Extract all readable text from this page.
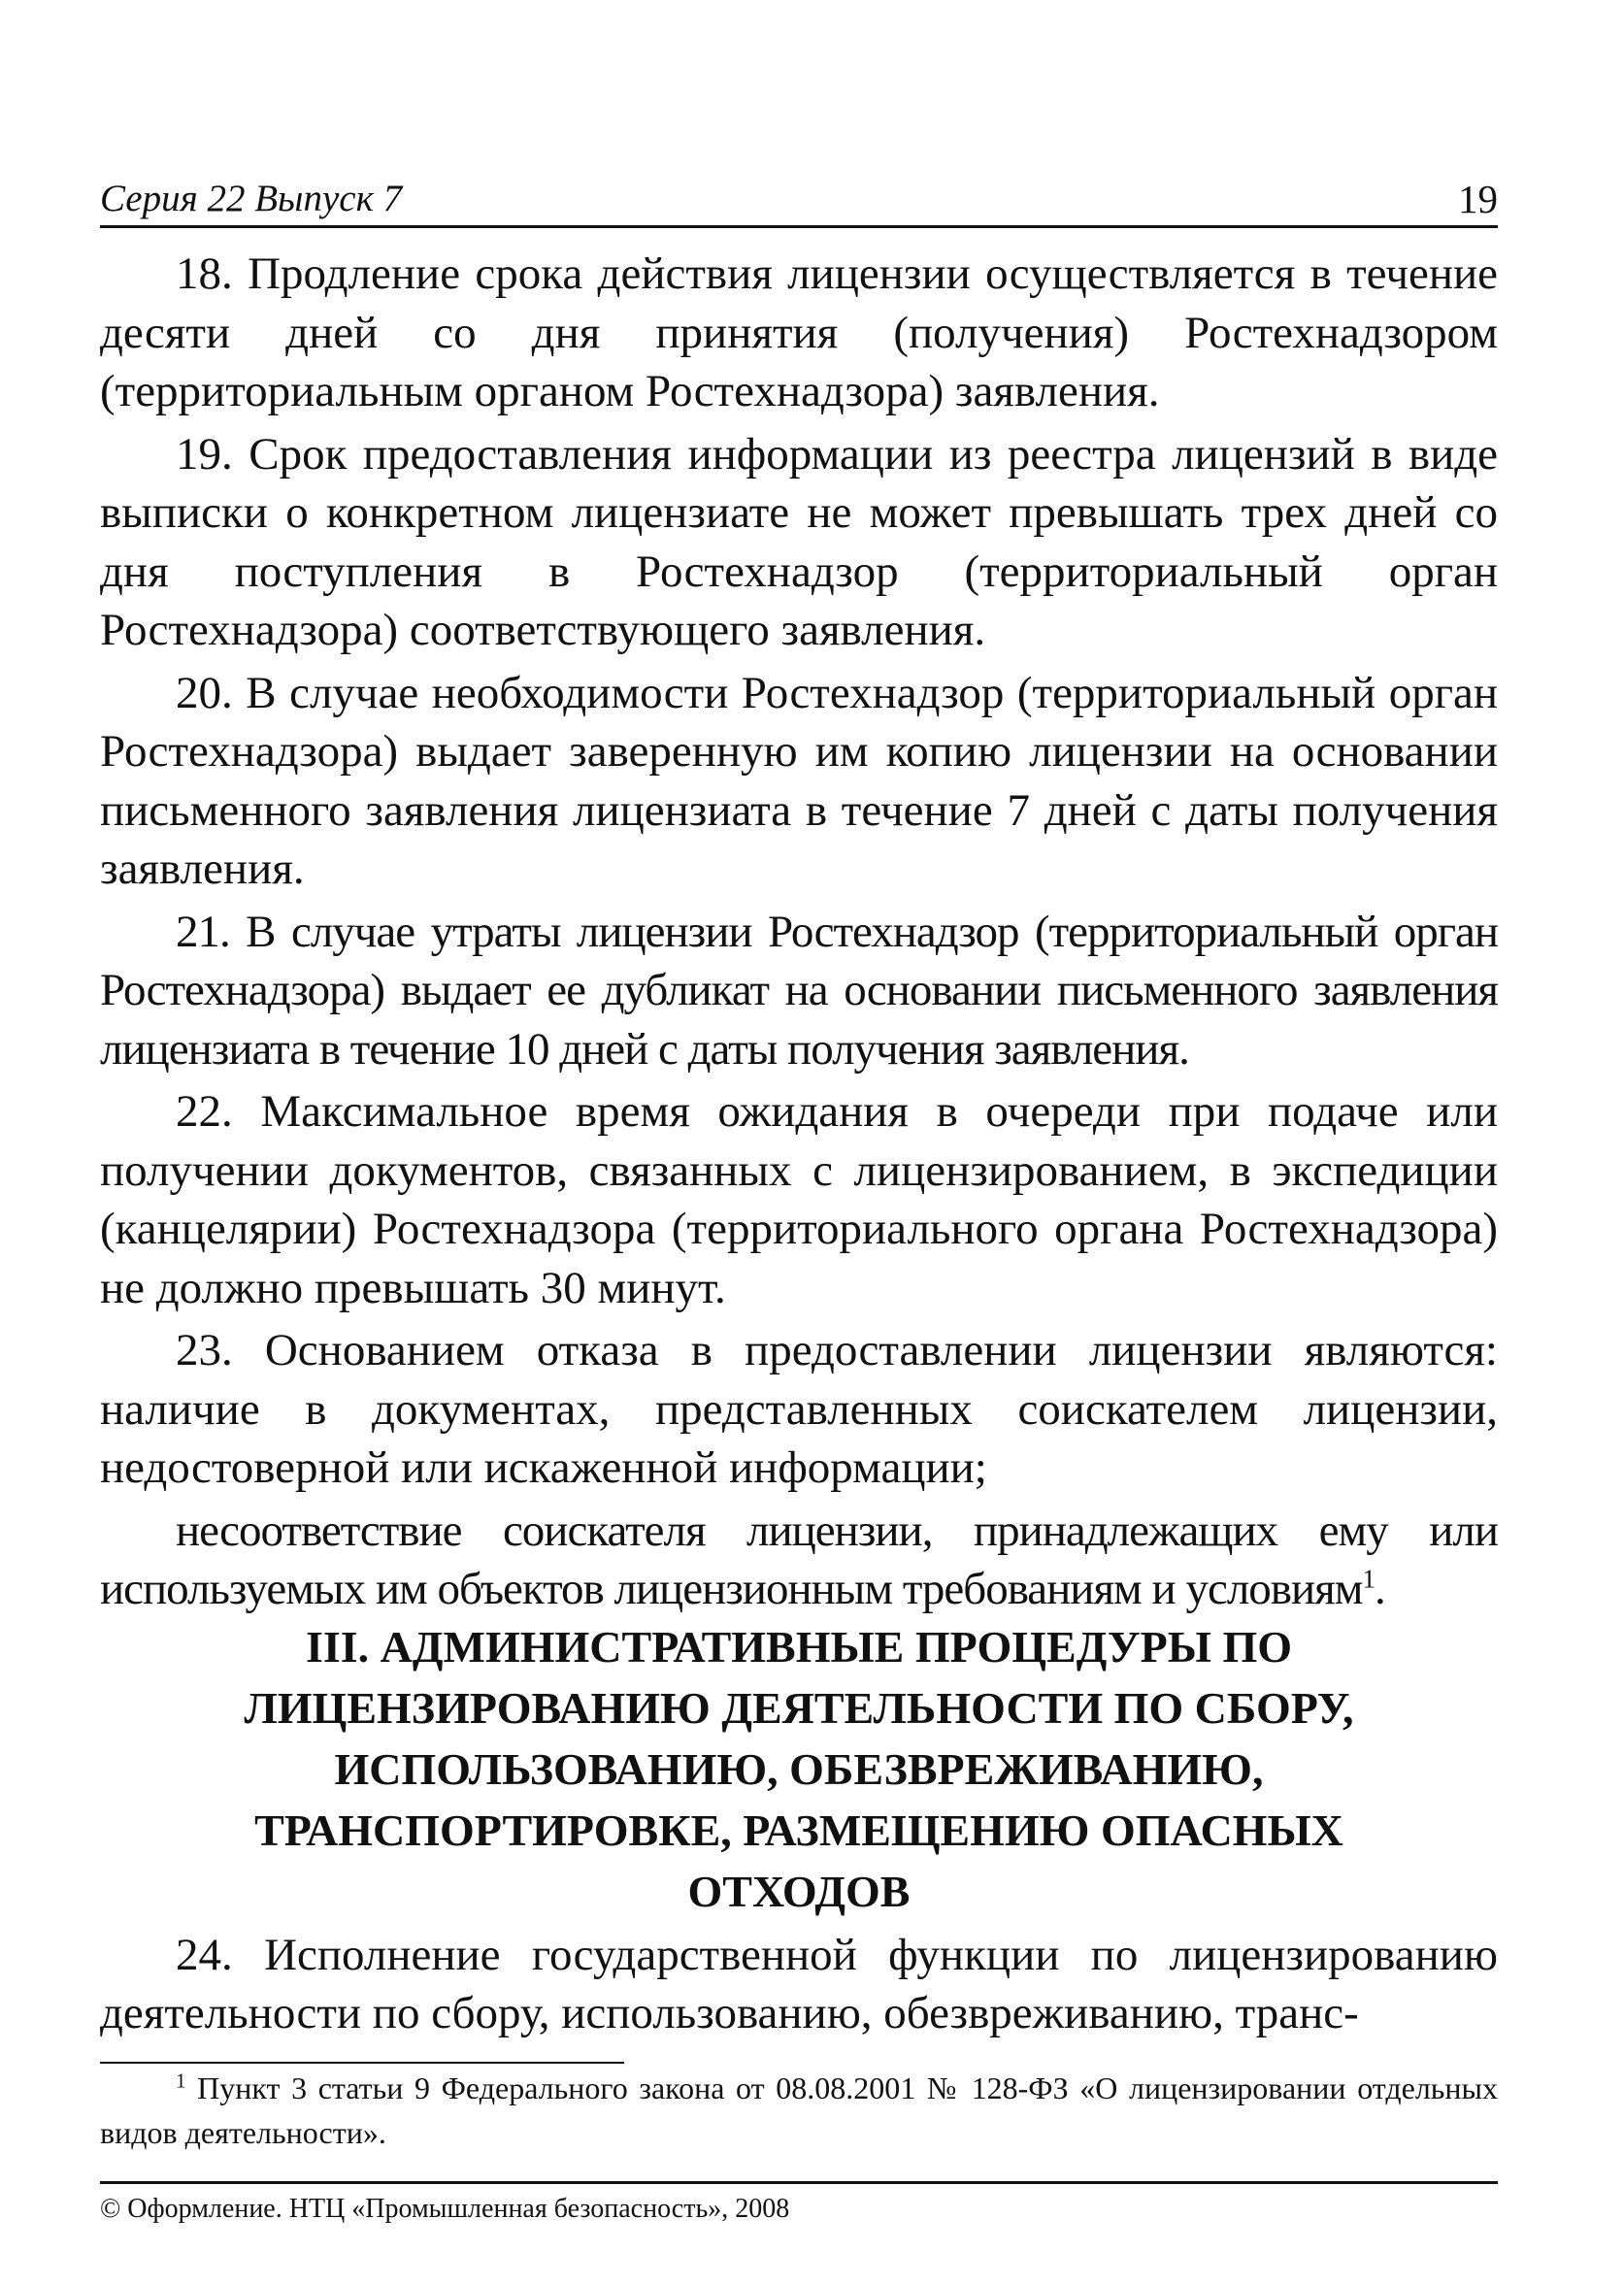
Серия 22 Выпуск 7	19

18. Продление срока действия лицензии осуществляется в течение десяти дней со дня принятия (получения) Ростехнадзором (территориальным органом Ростехнадзора) заявления.

19. Срок предоставления информации из реестра лицензий в виде выписки о конкретном лицензиате не может превышать трех дней со дня поступления в Ростехнадзор (территориальный орган Ростехнадзора) соответствующего заявления.

20. В случае необходимости Ростехнадзор (территориальный орган Ростехнадзора) выдает заверенную им копию лицензии на основании письменного заявления лицензиата в течение 7 дней с даты получения заявления.

21. В случае утраты лицензии Ростехнадзор (территориальный орган Ростехнадзора) выдает ее дубликат на основании письменного заявления лицензиата в течение 10 дней с даты получения заявления.

22. Максимальное время ожидания в очереди при подаче или получении документов, связанных с лицензированием, в экспедиции (канцелярии) Ростехнадзора (территориального органа Ростехнадзора) не должно превышать 30 минут.

23. Основанием отказа в предоставлении лицензии являются: наличие в документах, представленных соискателем лицензии, недостоверной или искаженной информации;

несоответствие соискателя лицензии, принадлежащих ему или используемых им объектов лицензионным требованиям и условиям$^1$.

III. АДМИНИСТРАТИВНЫЕ ПРОЦЕДУРЫ ПО
ЛИЦЕНЗИРОВАНИЮ ДЕЯТЕЛЬНОСТИ ПО СБОРУ,
ИСПОЛЬЗОВАНИЮ, ОБЕЗВРЕЖИВАНИЮ,
ТРАНСПОРТИРОВКЕ, РАЗМЕЩЕНИЮ ОПАСНЫХ
ОТХОДОВ

24. Исполнение государственной функции по лицензированию деятельности по сбору, использованию, обезвреживанию, транс-

$^1$ Пункт 3 статьи 9 Федерального закона от 08.08.2001 № 128-ФЗ «О лицензировании отдельных видов деятельности».
© Оформление. НТЦ «Промышленная безопасность», 2008
